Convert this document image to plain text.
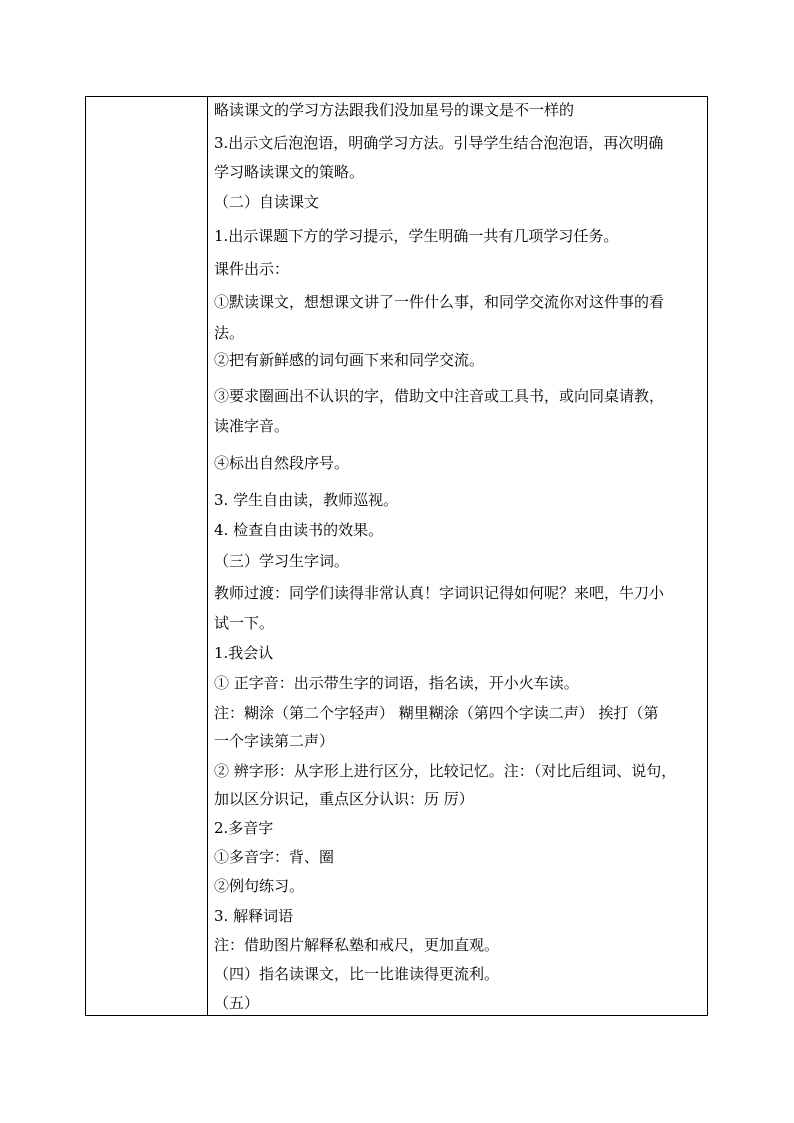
略读课文的学习方法跟我们没加星号的课文是不一样的
3.出示文后泡泡语，明确学习方法。引导学生结合泡泡语，再次明确
学习略读课文的策略。
（二）自读课文
1.出示课题下方的学习提示，学生明确一共有几项学习任务。
课件出示：
①默读课文，想想课文讲了一件什么事，和同学交流你对这件事的看
法。
②把有新鲜感的词句画下来和同学交流。
③要求圈画出不认识的字，借助文中注音或工具书，或向同桌请教，
读准字音。
④标出自然段序号。
3. 学生自由读，教师巡视。
4. 检查自由读书的效果。
（三）学习生字词。
教师过渡：同学们读得非常认真！字词识记得如何呢？来吧，牛刀小
试一下。
1.我会认
① 正字音：出示带生字的词语，指名读，开小火车读。
注：糊涂（第二个字轻声） 糊里糊涂（第四个字读二声） 挨打（第
一个字读第二声）
② 辨字形：从字形上进行区分，比较记忆。注：（对比后组词、说句，
加以区分识记，重点区分认识：历 厉）
2.多音字
①多音字：背、圈
②例句练习。
3. 解释词语
注：借助图片解释私塾和戒尺，更加直观。
（四）指名读课文，比一比谁读得更流利。
（五）
